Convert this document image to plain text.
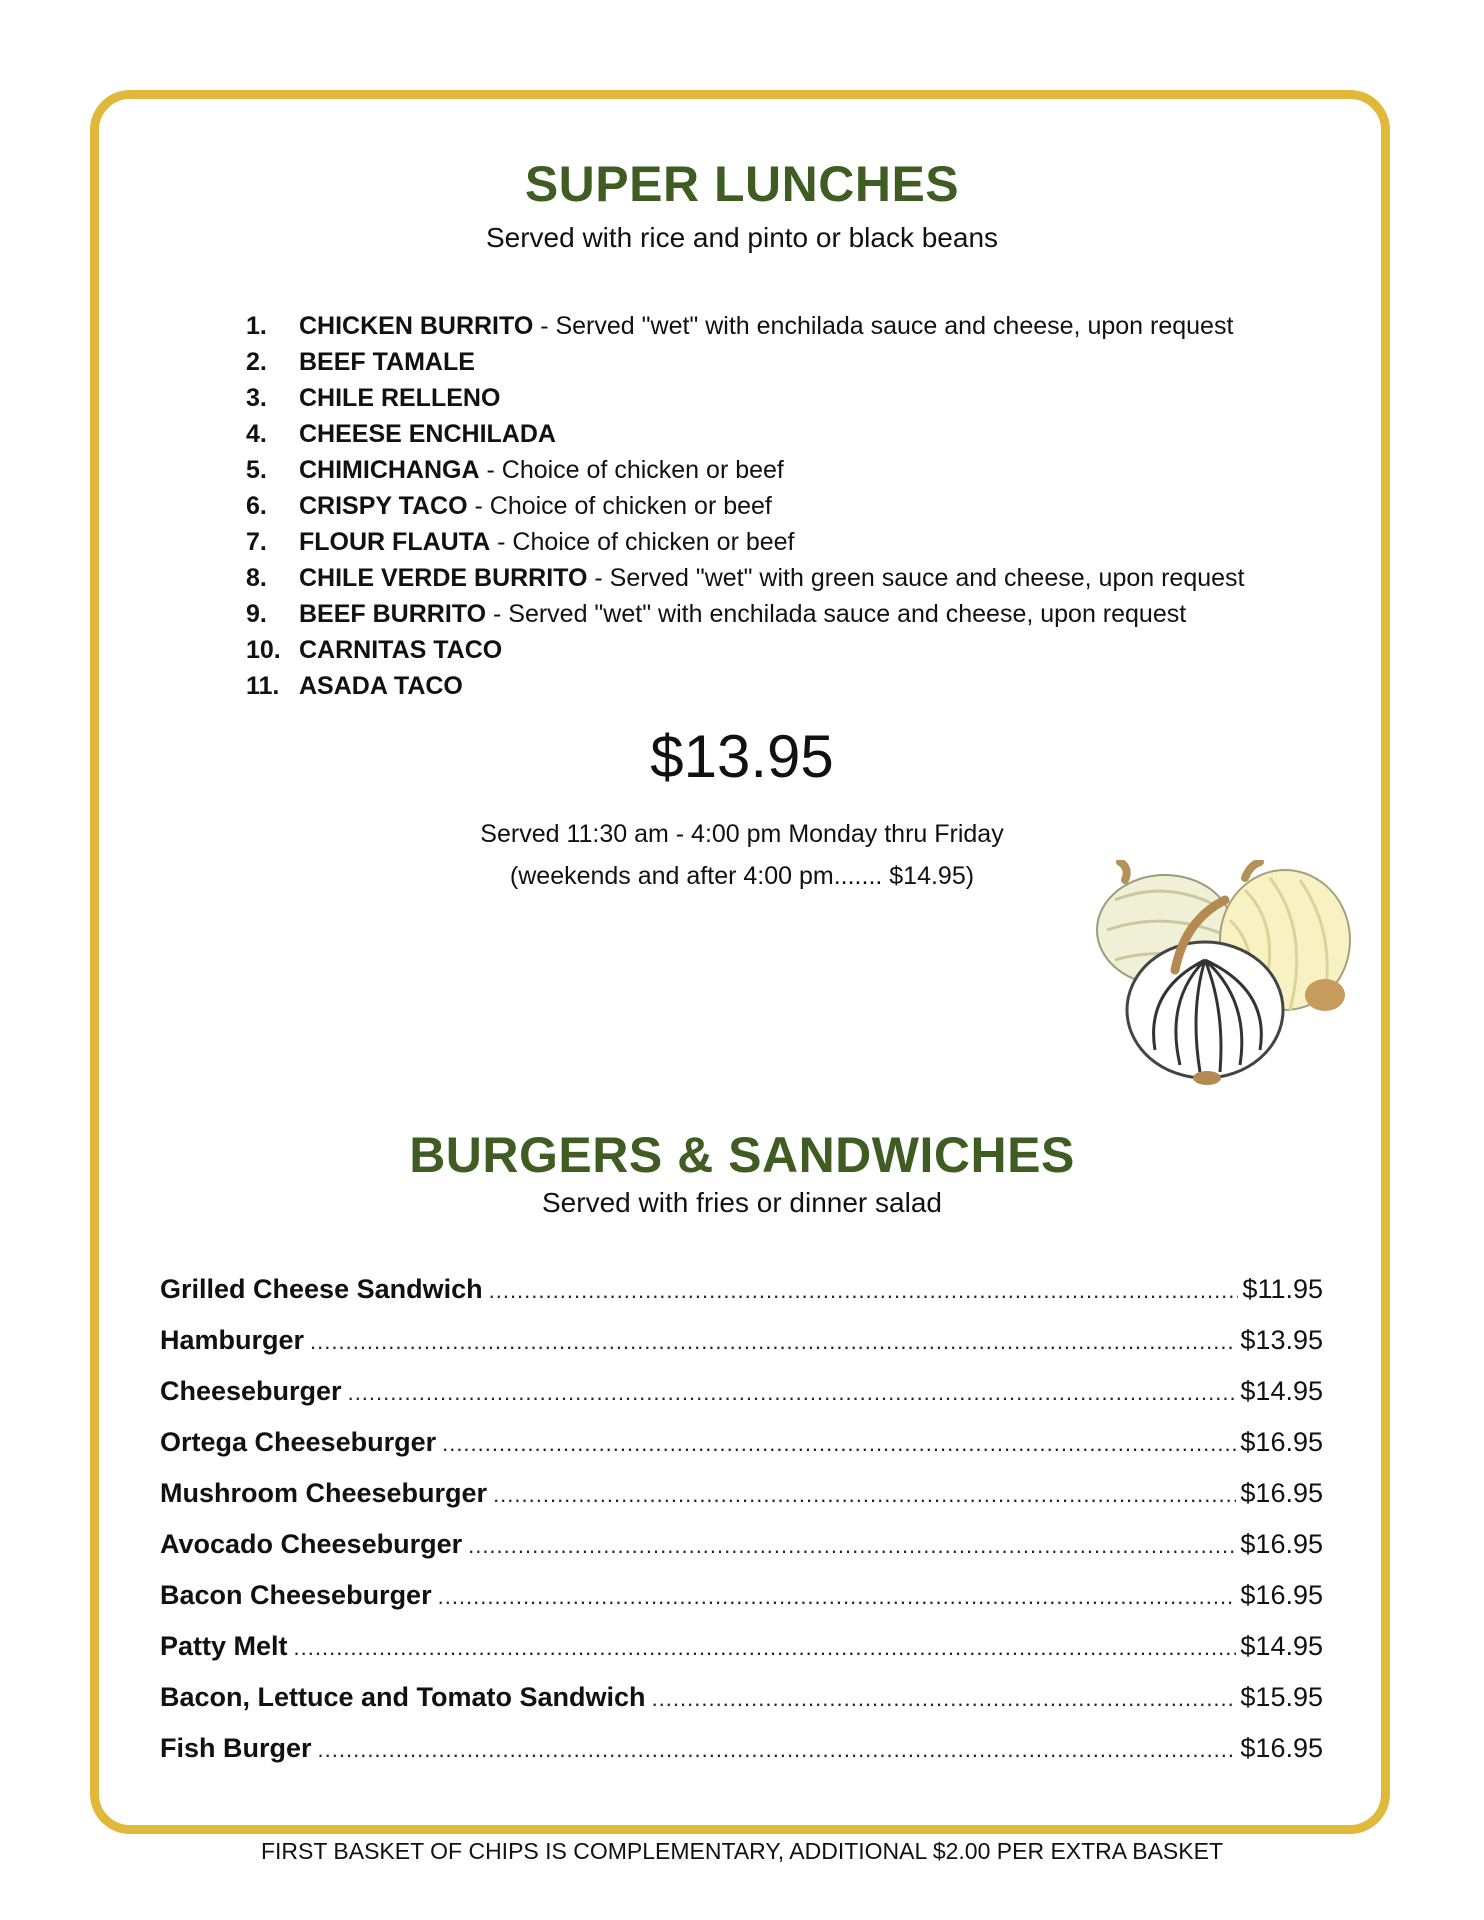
SUPER LUNCHES
Served with rice and pinto or black beans
1. CHICKEN BURRITO - Served "wet" with enchilada sauce and cheese, upon request
2. BEEF TAMALE
3. CHILE RELLENO
4. CHEESE ENCHILADA
5. CHIMICHANGA - Choice of chicken or beef
6. CRISPY TACO - Choice of chicken or beef
7. FLOUR FLAUTA - Choice of chicken or beef
8. CHILE VERDE BURRITO - Served "wet" with green sauce and cheese, upon request
9. BEEF BURRITO - Served "wet" with enchilada sauce and cheese, upon request
10. CARNITAS TACO
11. ASADA TACO
$13.95
Served 11:30 am - 4:00 pm Monday thru Friday
(weekends and after 4:00 pm....... $14.95)
BURGERS & SANDWICHES
Served with fries or dinner salad
Grilled Cheese Sandwich .....	$11.95
Hamburger .....	$13.95
Cheeseburger .....	$14.95
Ortega Cheeseburger .....	$16.95
Mushroom Cheeseburger .....	$16.95
Avocado Cheeseburger .....	$16.95
Bacon Cheeseburger .....	$16.95
Patty Melt .....	$14.95
Bacon, Lettuce and Tomato Sandwich .....	$15.95
Fish Burger .....	$16.95
FIRST BASKET OF CHIPS IS COMPLEMENTARY, ADDITIONAL $2.00 PER EXTRA BASKET
